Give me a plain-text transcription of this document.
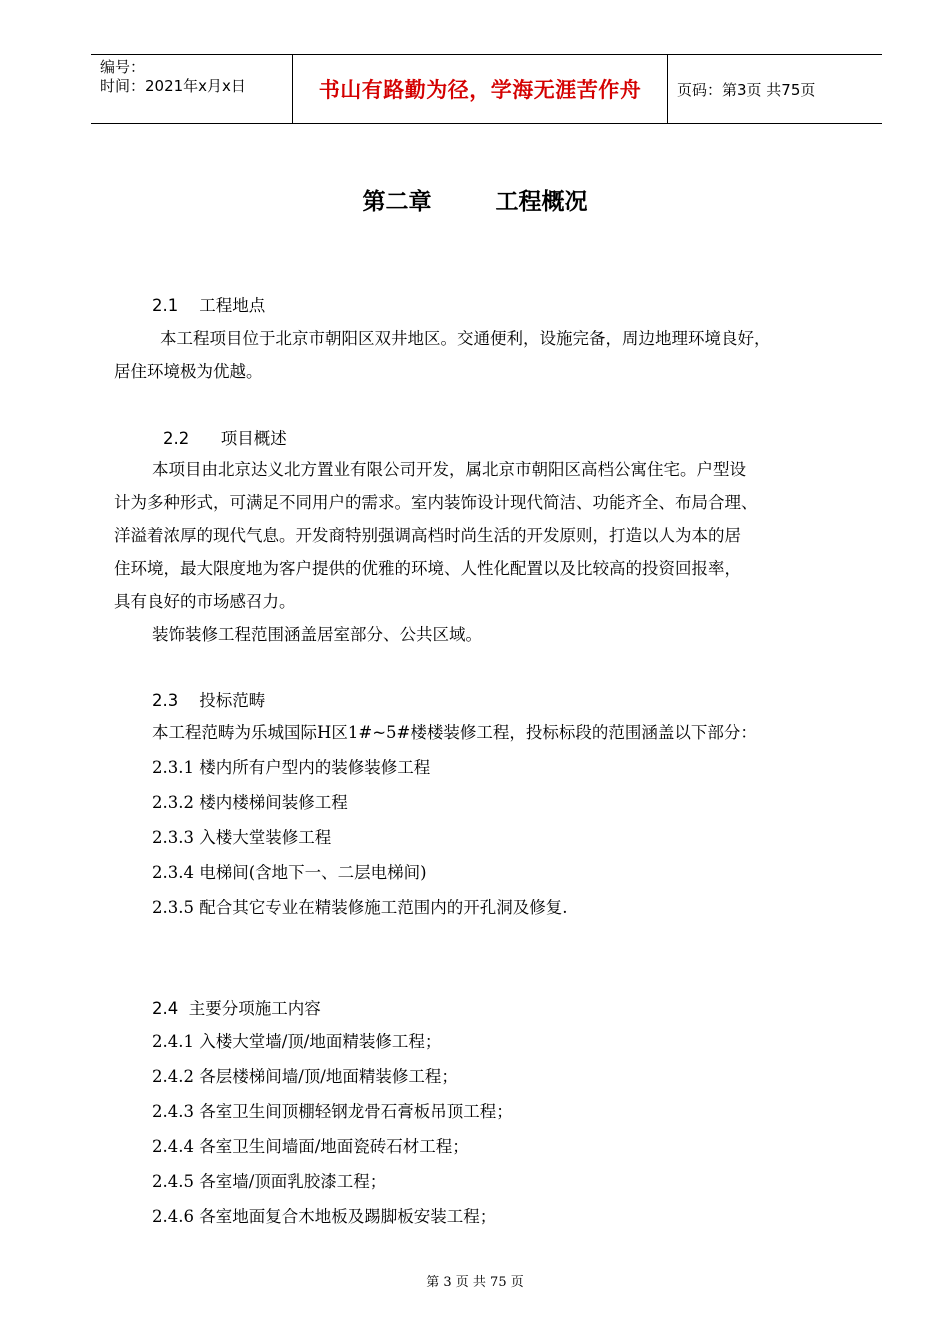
编号：
时间：2021年x月x日	书山有路勤为径，学海无涯苦作舟 页码：第3页 共75页
第二章        工程概况
2.1    工程地点
本工程项目位于北京市朝阳区双井地区。交通便利，设施完备，周边地理环境良好，
居住环境极为优越。
2.2      项目概述
本项目由北京达义北方置业有限公司开发，属北京市朝阳区高档公寓住宅。户型设
计为多种形式，可满足不同用户的需求。室内装饰设计现代简洁、功能齐全、布局合理、
洋溢着浓厚的现代气息。开发商特别强调高档时尚生活的开发原则，打造以人为本的居
住环境，最大限度地为客户提供的优雅的环境、人性化配置以及比较高的投资回报率，
具有良好的市场感召力。
装饰装修工程范围涵盖居室部分、公共区域。
2.3    投标范畴
本工程范畴为乐城国际H区1#~5#楼楼装修工程，投标标段的范围涵盖以下部分：
2.3.1 楼内所有户型内的装修装修工程
2.3.2 楼内楼梯间装修工程
2.3.3 入楼大堂装修工程
2.3.4 电梯间(含地下一、二层电梯间)
2.3.5 配合其它专业在精装修施工范围内的开孔洞及修复.
2.4  主要分项施工内容
2.4.1 入楼大堂墙/顶/地面精装修工程；
2.4.2 各层楼梯间墙/顶/地面精装修工程；
2.4.3 各室卫生间顶棚轻钢龙骨石膏板吊顶工程；
2.4.4 各室卫生间墙面/地面瓷砖石材工程；
2.4.5 各室墙/顶面乳胶漆工程；
2.4.6 各室地面复合木地板及踢脚板安装工程；
第 3 页 共 75 页
